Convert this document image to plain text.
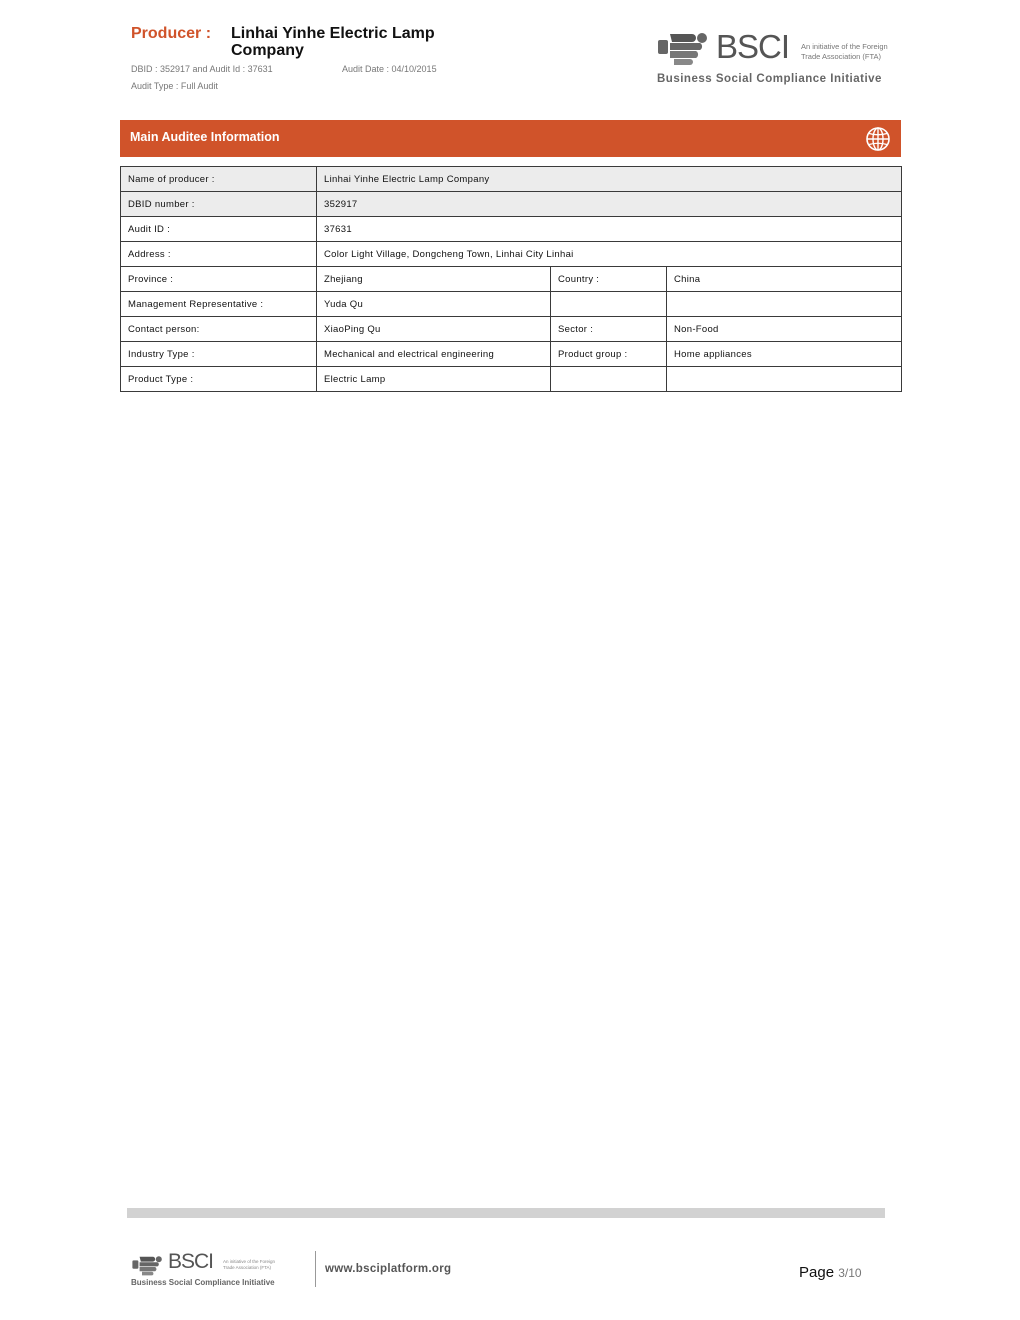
Producer : Linhai Yinhe Electric Lamp Company
DBID : 352917 and Audit Id : 37631	Audit Date : 04/10/2015
Audit Type : Full Audit
BSCI An initiative of the Foreign
Trade Association (FTA)
Business Social Compliance Initiative
Main Auditee Information
Name of producer :	Linhai Yinhe Electric Lamp Company		
DBID number :	352917		
Audit ID :	37631		
Address :	Color Light Village, Dongcheng Town, Linhai City Linhai		
Province :	Zhejiang	Country :	China
Management Representative :	Yuda Qu		
Contact person:	XiaoPing Qu	Sector :	Non-Food
Industry Type :	Mechanical and electrical engineering	Product group :	Home appliances
Product Type :	Electric Lamp		
BSCI An initiative of the Foreign
Trade Association (FTA)
Business Social Compliance Initiative
www.bsciplatform.org	Page 3/10
